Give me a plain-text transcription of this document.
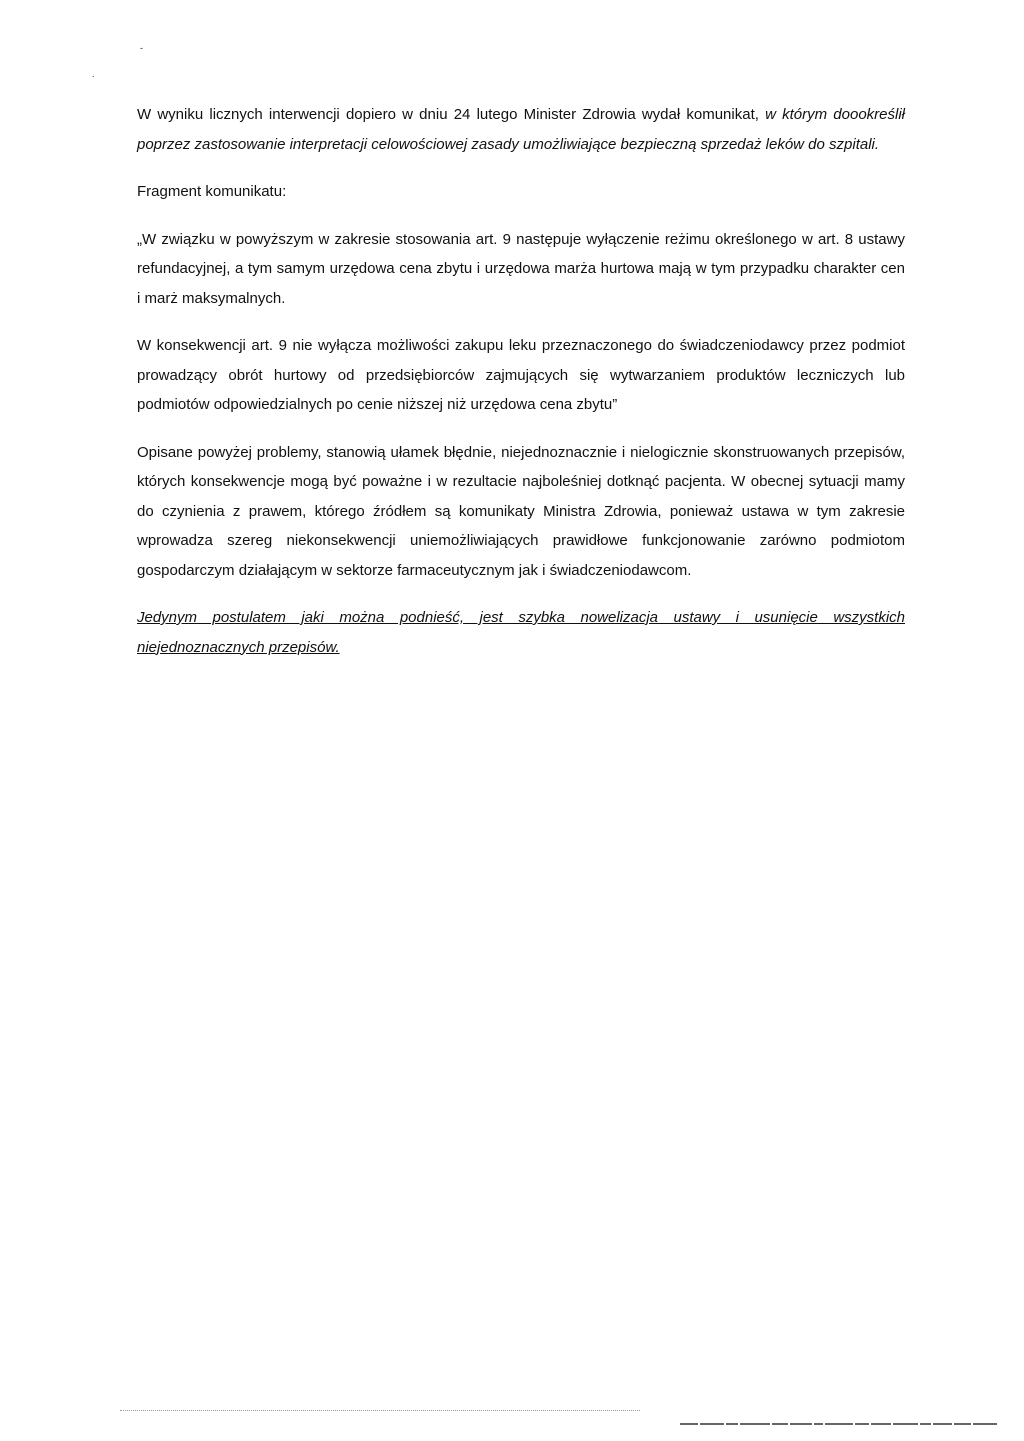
-
.

W wyniku licznych interwencji dopiero w dniu 24 lutego Minister Zdrowia wydał komunikat, w którym doookreślił poprzez zastosowanie interpretacji celowościowej zasady umożliwiające bezpieczną sprzedaż leków do szpitali.

Fragment komunikatu:

„W związku w powyższym w zakresie stosowania art. 9 następuje wyłączenie reżimu określonego w art. 8 ustawy refundacyjnej, a tym samym urzędowa cena zbytu i urzędowa marża hurtowa mają w tym przypadku charakter cen i marż maksymalnych.

W konsekwencji art. 9 nie wyłącza możliwości zakupu leku przeznaczonego do świadczeniodawcy przez podmiot prowadzący obrót hurtowy od przedsiębiorców zajmujących się wytwarzaniem produktów leczniczych lub podmiotów odpowiedzialnych po cenie niższej niż urzędowa cena zbytu”

Opisane powyżej problemy, stanowią ułamek błędnie, niejednoznacznie i nielogicznie skonstruowanych przepisów, których konsekwencje mogą być poważne i w rezultacie najboleśniej dotknąć pacjenta. W obecnej sytuacji mamy do czynienia z prawem, którego źródłem są komunikaty Ministra Zdrowia, ponieważ ustawa w tym zakresie wprowadza szereg niekonsekwencji uniemożliwiających prawidłowe funkcjonowanie zarówno podmiotom gospodarczym działającym w sektorze farmaceutycznym jak i świadczeniodawcom.

Jedynym postulatem jaki można podnieść, jest szybka nowelizacja ustawy i usunięcie wszystkich niejednoznacznych przepisów.
